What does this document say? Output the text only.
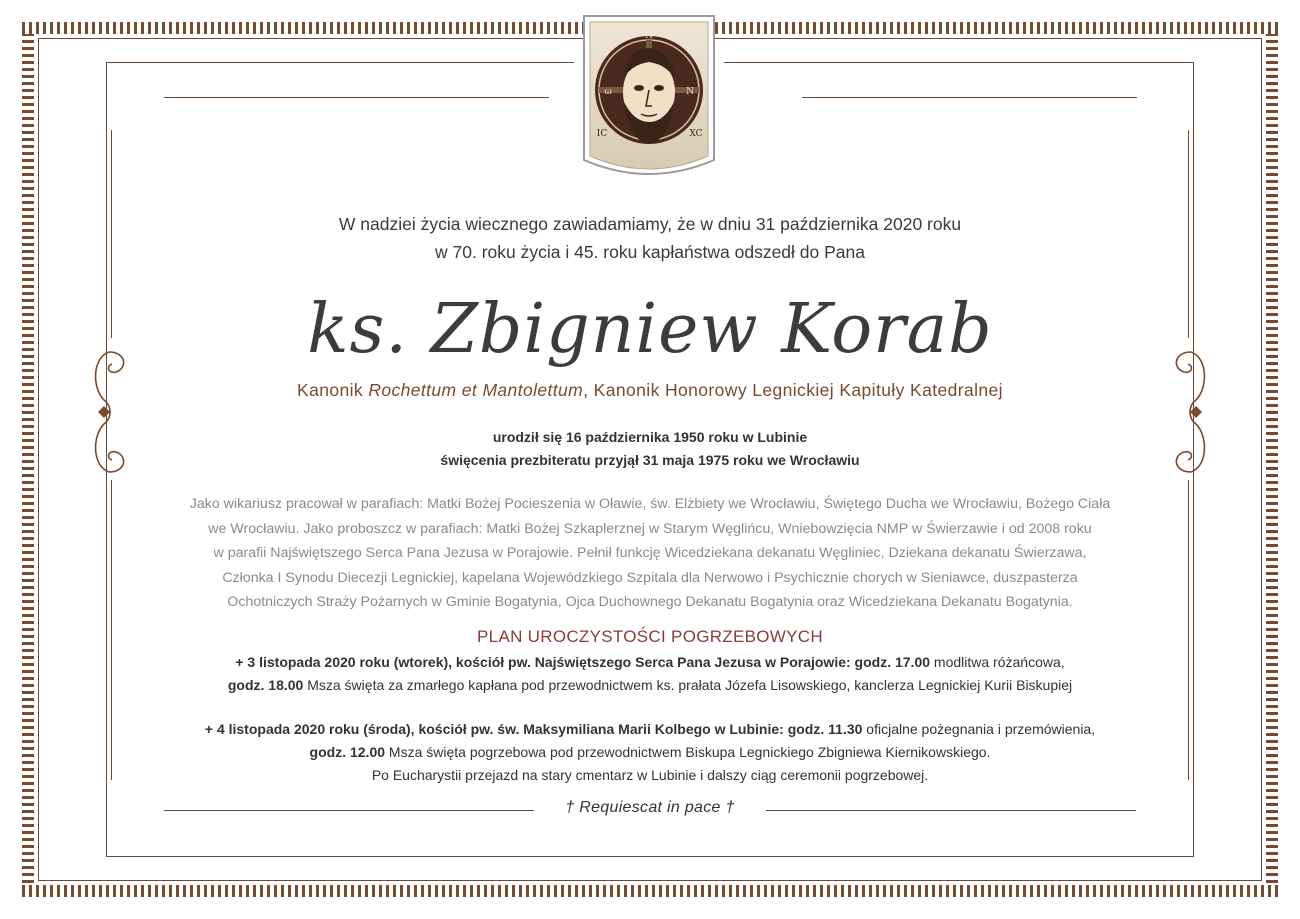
A
ω	N
IC	XC
W nadziei życia wiecznego zawiadamiamy, że w dniu 31 października 2020 roku
w 70. roku życia i 45. roku kapłaństwa odszedł do Pana
ks. Zbigniew Korab
Kanonik Rochettum et Mantolettum, Kanonik Honorowy Legnickiej Kapituły Katedralnej
urodził się 16 października 1950 roku w Lubinie
święcenia prezbiteratu przyjął 31 maja 1975 roku we Wrocławiu
Jako wikariusz pracował w parafiach: Matki Bożej Pocieszenia w Oławie, św. Elżbiety we Wrocławiu, Świętego Ducha we Wrocławiu, Bożego Ciała
we Wrocławiu. Jako proboszcz w parafiach: Matki Bożej Szkaplerznej w Starym Węglińcu, Wniebowzięcia NMP w Świerzawie i od 2008 roku
w parafii Najświętszego Serca Pana Jezusa w Porajowie. Pełnił funkcję Wicedziekana dekanatu Węgliniec, Dziekana dekanatu Świerzawa,
Członka I Synodu Diecezji Legnickiej, kapelana Wojewódzkiego Szpitala dla Nerwowo i Psychicznie chorych w Sieniawce, duszpasterza
Ochotniczych Straży Pożarnych w Gminie Bogatynia, Ojca Duchownego Dekanatu Bogatynia oraz Wicedziekana Dekanatu Bogatynia.
PLAN UROCZYSTOŚCI POGRZEBOWYCH

+ 3 listopada 2020 roku (wtorek), kościół pw. Najświętszego Serca Pana Jezusa w Porajowie: godz. 17.00 modlitwa różańcowa,

godz. 18.00 Msza święta za zmarłego kapłana pod przewodnictwem ks. prałata Józefa Lisowskiego, kanclerza Legnickiej Kurii Biskupiej

+ 4 listopada 2020 roku (środa), kościół pw. św. Maksymiliana Marii Kolbego w Lubinie: godz. 11.30 oficjalne pożegnania i przemówienia,

godz. 12.00 Msza święta pogrzebowa pod przewodnictwem Biskupa Legnickiego Zbigniewa Kiernikowskiego.

Po Eucharystii przejazd na stary cmentarz w Lubinie i dalszy ciąg ceremonii pogrzebowej.

† Requiescat in pace †
